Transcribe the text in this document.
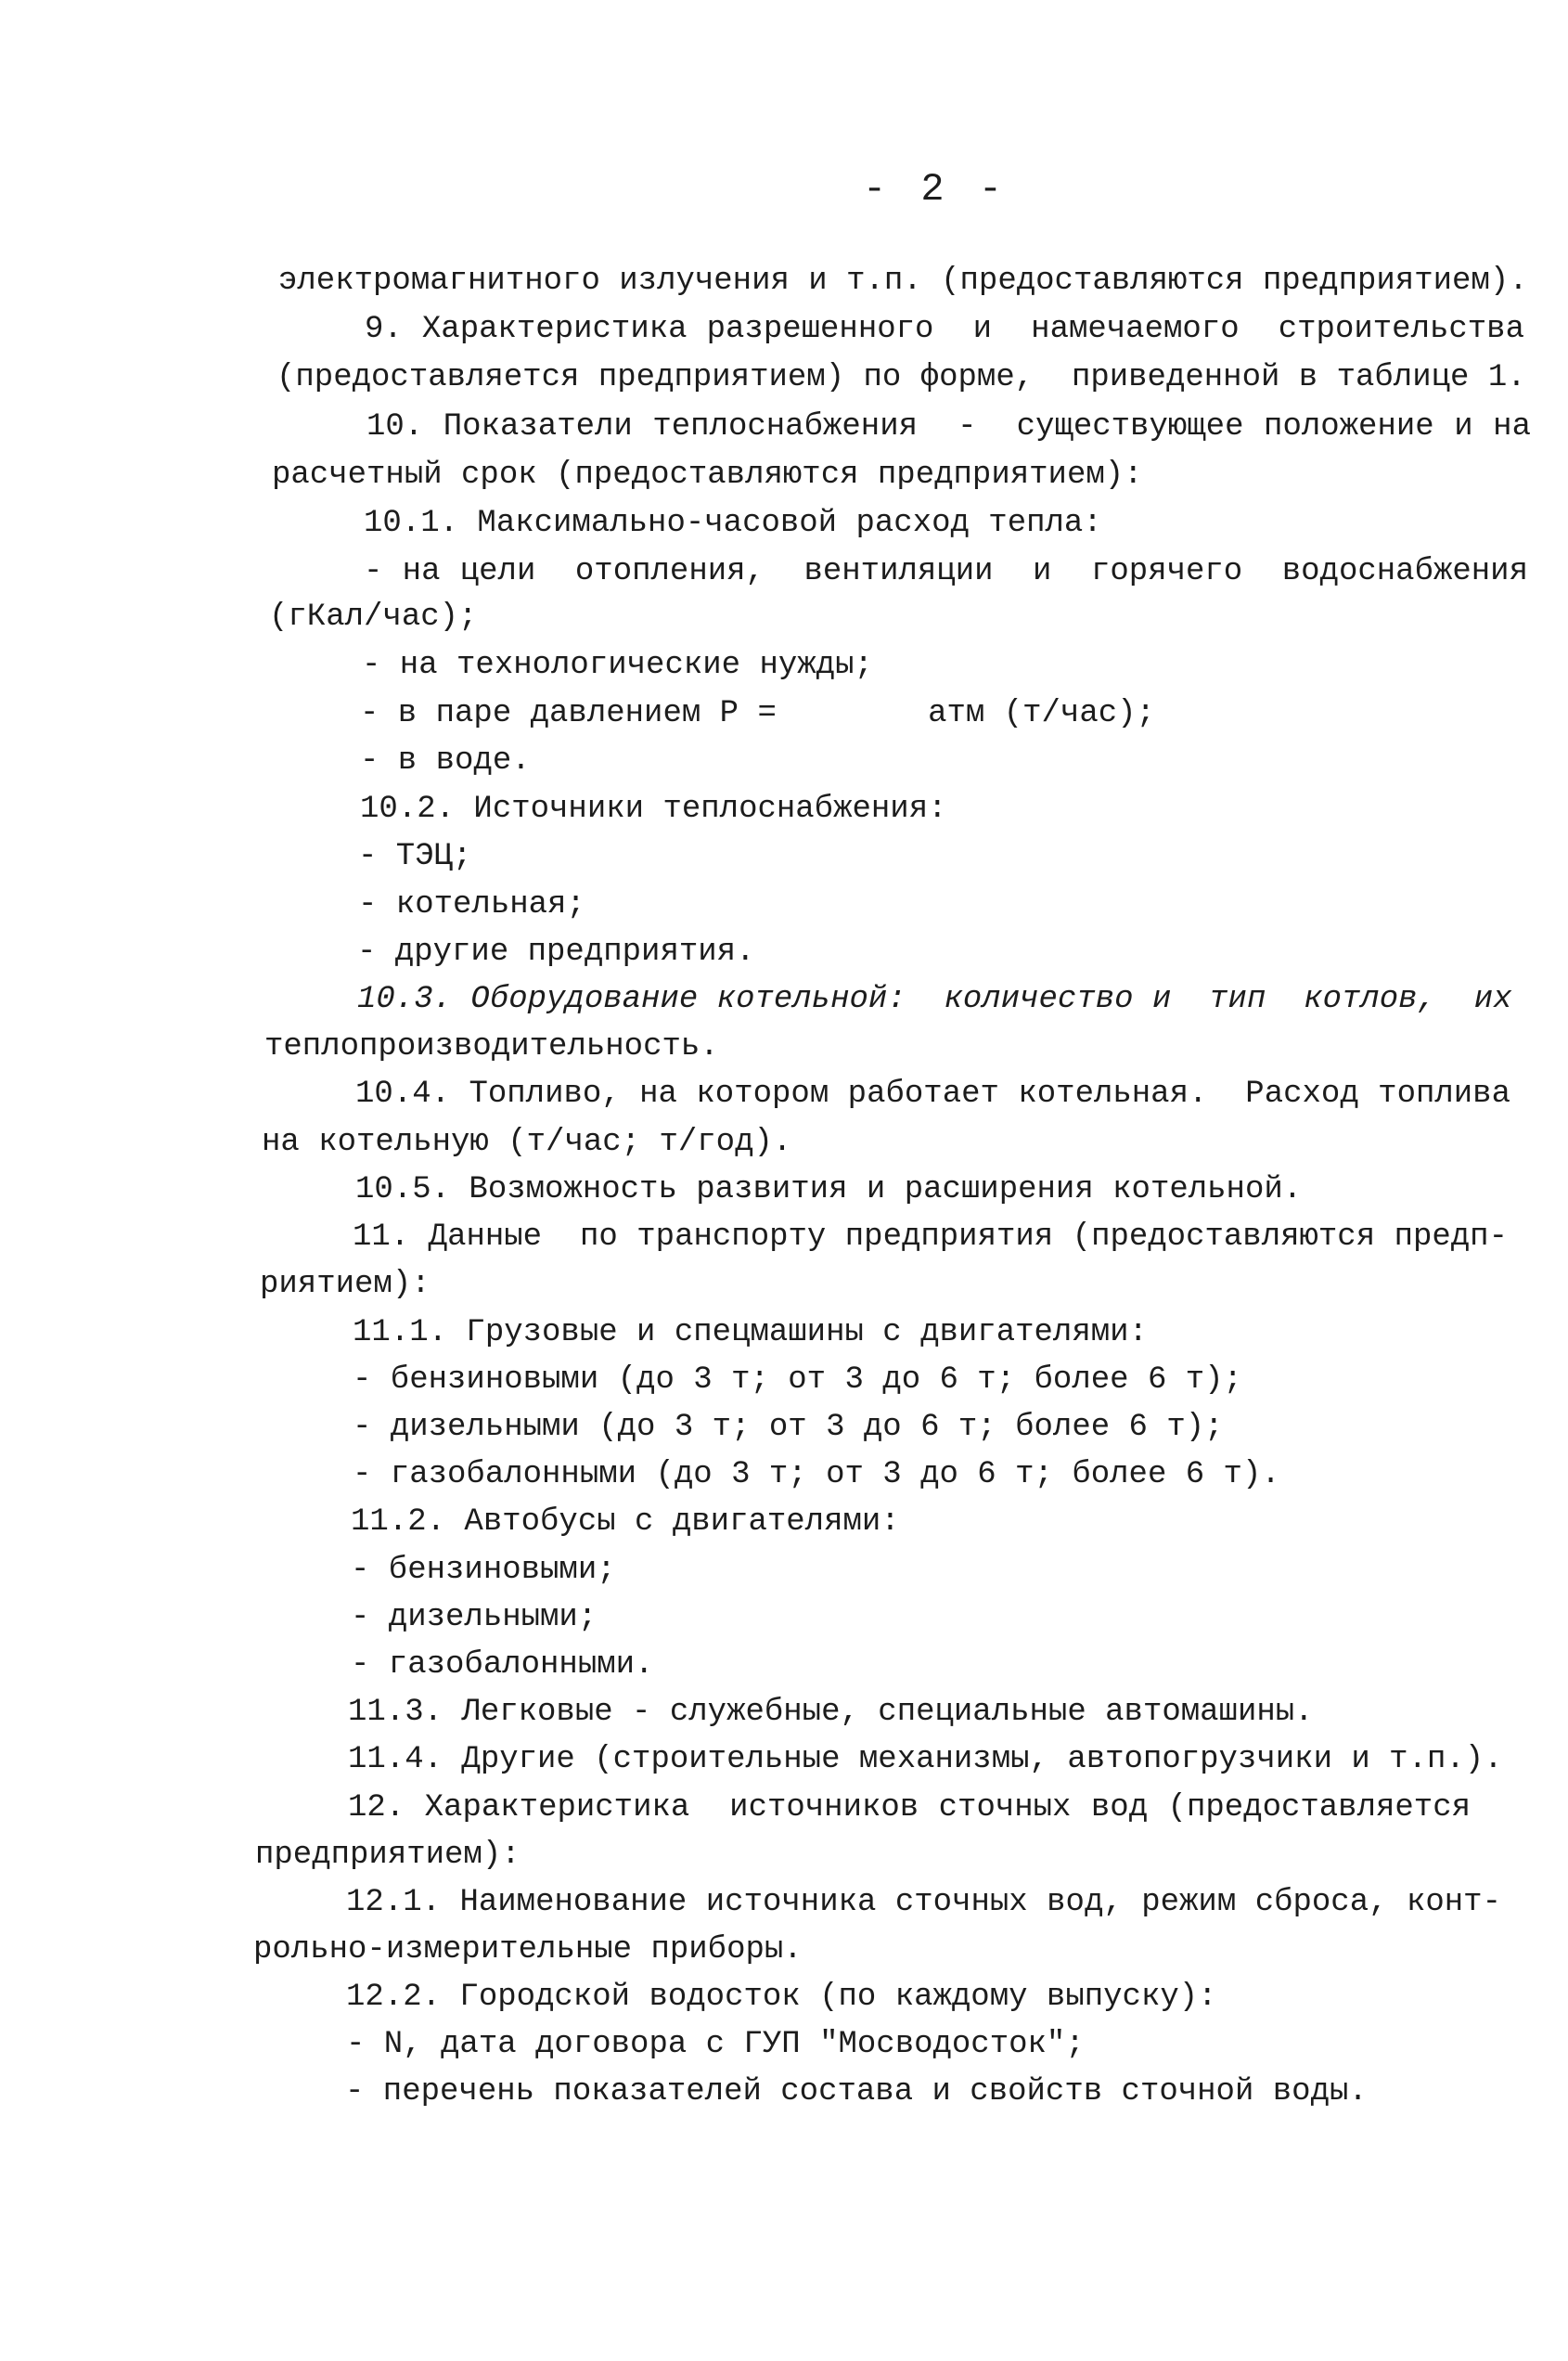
- 2 -
электромагнитного излучения и т.п. (предоставляются предприятием).
9. Характеристика разрешенного  и  намечаемого  строительства
(предоставляется предприятием) по форме,  приведенной в таблице 1.
10. Показатели теплоснабжения  -  существующее положение и на
расчетный срок (предоставляются предприятием):
10.1. Максимально-часовой расход тепла:
- на цели  отопления,  вентиляции  и  горячего  водоснабжения
(гКал/час);
- на технологические нужды;
- в паре давлением Р =        атм (т/час);
- в воде.
10.2. Источники теплоснабжения:
- ТЭЦ;
- котельная;
- другие предприятия.
10.3. Оборудование котельной:  количество и  тип  котлов,  их
теплопроизводительность.
10.4. Топливо, на котором работает котельная.  Расход топлива
на котельную (т/час; т/год).
10.5. Возможность развития и расширения котельной.
11. Данные  по транспорту предприятия (предоставляются предп-
риятием):
11.1. Грузовые и спецмашины с двигателями:
- бензиновыми (до 3 т; от 3 до 6 т; более 6 т);
- дизельными (до 3 т; от 3 до 6 т; более 6 т);
- газобалонными (до 3 т; от 3 до 6 т; более 6 т).
11.2. Автобусы с двигателями:
- бензиновыми;
- дизельными;
- газобалонными.
11.3. Легковые - служебные, специальные автомашины.
11.4. Другие (строительные механизмы, автопогрузчики и т.п.).
12. Характеристика  источников сточных вод (предоставляется
предприятием):
12.1. Наименование источника сточных вод, режим сброса, конт-
рольно-измерительные приборы.
12.2. Городской водосток (по каждому выпуску):
- N, дата договора с ГУП "Мосводосток";
- перечень показателей состава и свойств сточной воды.
